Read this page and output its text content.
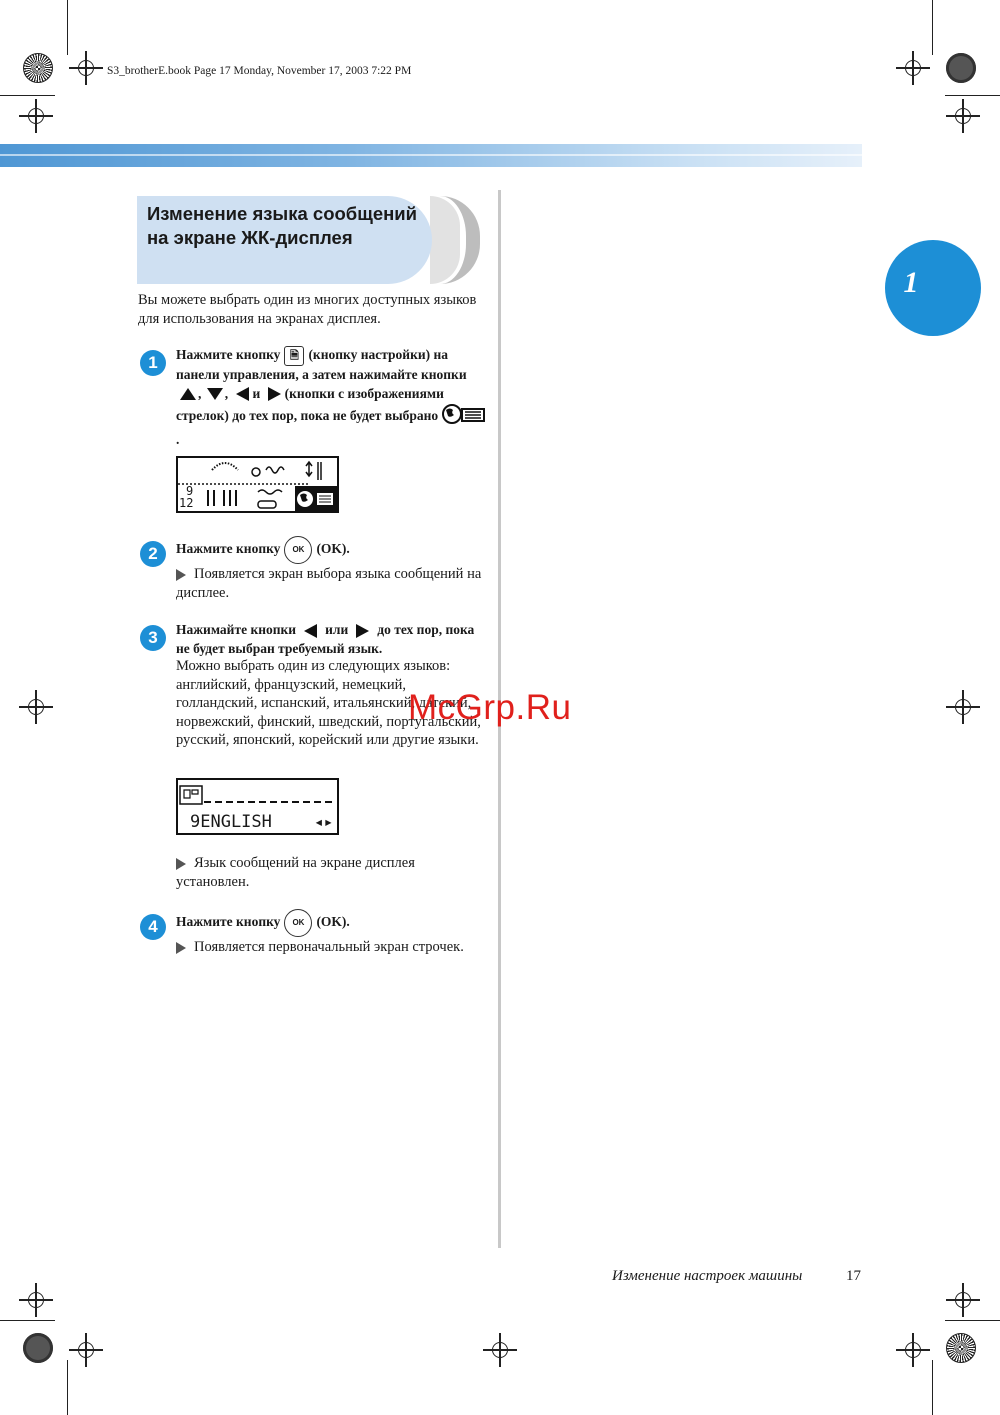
S3_brotherE.book Page 17 Monday, November 17, 2003 7:22 PM
1
Изменение языка сообщений на экране ЖК-дисплея
Вы можете выбрать один из многих доступных языков для использования на экранах дисплея.
1	Нажмите кнопку 🗎 (кнопку настройки) на панели управления, а затем нажимайте кнопки , , и (кнопки с изображениями стрелок) до тех пор, пока не будет выбрано .
9
12
2	Нажмите кнопку OK (OK).
Появляется экран выбора языка сообщений на дисплее.
3	Нажимайте кнопки или до тех пор, пока не будет выбран требуемый язык.
Можно выбрать один из следующих языков: английский, французский, немецкий, голландский, испанский, итальянский, датский, норвежский, финский, шведский, португальский, русский, японский, корейский или другие языки.
9ENGLISH	◂▸
Язык сообщений на экране дисплея установлен.
4	Нажмите кнопку OK (OK).
Появляется первоначальный экран строчек.
McGrp.Ru
Изменение настроек машины	17
